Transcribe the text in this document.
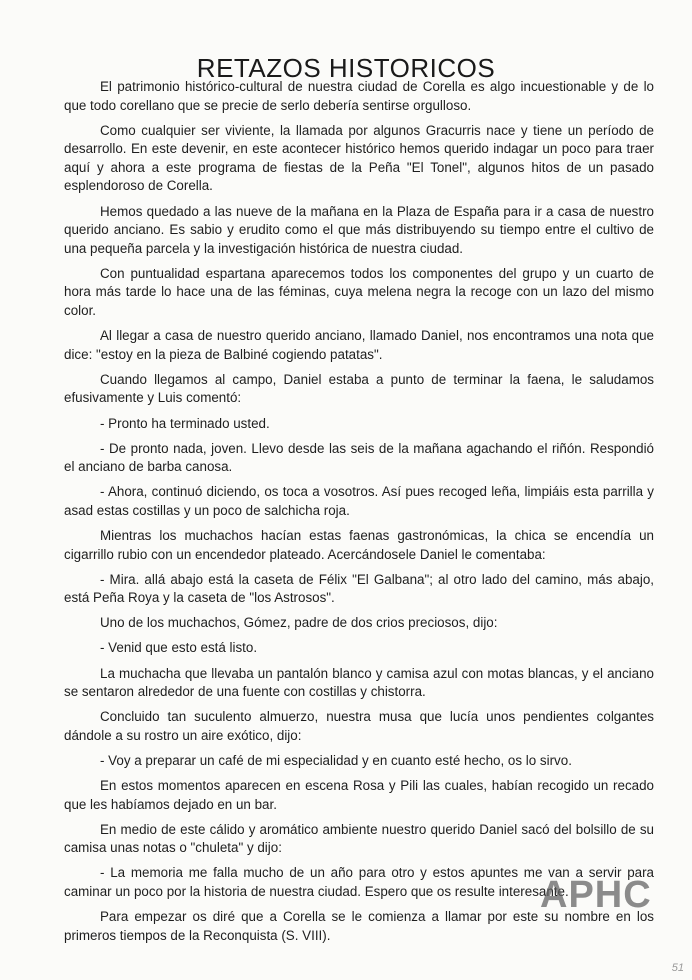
RETAZOS HISTORICOS

El patrimonio histórico-cultural de nuestra ciudad de Corella es algo incuestionable y de lo que todo corellano que se precie de serlo debería sentirse orgulloso.

Como cualquier ser viviente, la llamada por algunos Gracurris nace y tiene un período de desarrollo. En este devenir, en este acontecer histórico hemos querido indagar un poco para traer aquí y ahora a este programa de fiestas de la Peña "El Tonel", algunos hitos de un pasado esplendoroso de Corella.

Hemos quedado a las nueve de la mañana en la Plaza de España para ir a casa de nuestro querido anciano. Es sabio y erudito como el que más distribuyendo su tiempo entre el cultivo de una pequeña parcela y la investigación histórica de nuestra ciudad.

Con puntualidad espartana aparecemos todos los componentes del grupo y un cuarto de hora más tarde lo hace una de las féminas, cuya melena negra la recoge con un lazo del mismo color.

Al llegar a casa de nuestro querido anciano, llamado Daniel, nos encontramos una nota que dice: "estoy en la pieza de Balbiné cogiendo patatas".

Cuando llegamos al campo, Daniel estaba a punto de terminar la faena, le saludamos efusivamente y Luis comentó:

- Pronto ha terminado usted.

- De pronto nada, joven. Llevo desde las seis de la mañana agachando el riñón. Respondió el anciano de barba canosa.

- Ahora, continuó diciendo, os toca a vosotros. Así pues recoged leña, limpiáis esta parrilla y asad estas costillas y un poco de salchicha roja.

Mientras los muchachos hacían estas faenas gastronómicas, la chica se encendía un cigarrillo rubio con un encendedor plateado. Acercándosele Daniel le comentaba:

- Mira. allá abajo está la caseta de Félix "El Galbana"; al otro lado del camino, más abajo, está Peña Roya y la caseta de "los Astrosos".

Uno de los muchachos, Gómez, padre de dos crios preciosos, dijo:

- Venid que esto está listo.

La muchacha que llevaba un pantalón blanco y camisa azul con motas blancas, y el anciano se sentaron alrededor de una fuente con costillas y chistorra.

Concluido tan suculento almuerzo, nuestra musa que lucía unos pendientes colgantes dándole a su rostro un aire exótico, dijo:

- Voy a preparar un café de mi especialidad y en cuanto esté hecho, os lo sirvo.

En estos momentos aparecen en escena Rosa y Pili las cuales, habían recogido un recado que les habíamos dejado en un bar.

En medio de este cálido y aromático ambiente nuestro querido Daniel sacó del bolsillo de su camisa unas notas o "chuleta" y dijo:

- La memoria me falla mucho de un año para otro y estos apuntes me van a servir para caminar un poco por la historia de nuestra ciudad. Espero que os resulte interesante.

Para empezar os diré que a Corella se le comienza a llamar por este su nombre en los primeros tiempos de la Reconquista (S. VIII).

APHC
51
